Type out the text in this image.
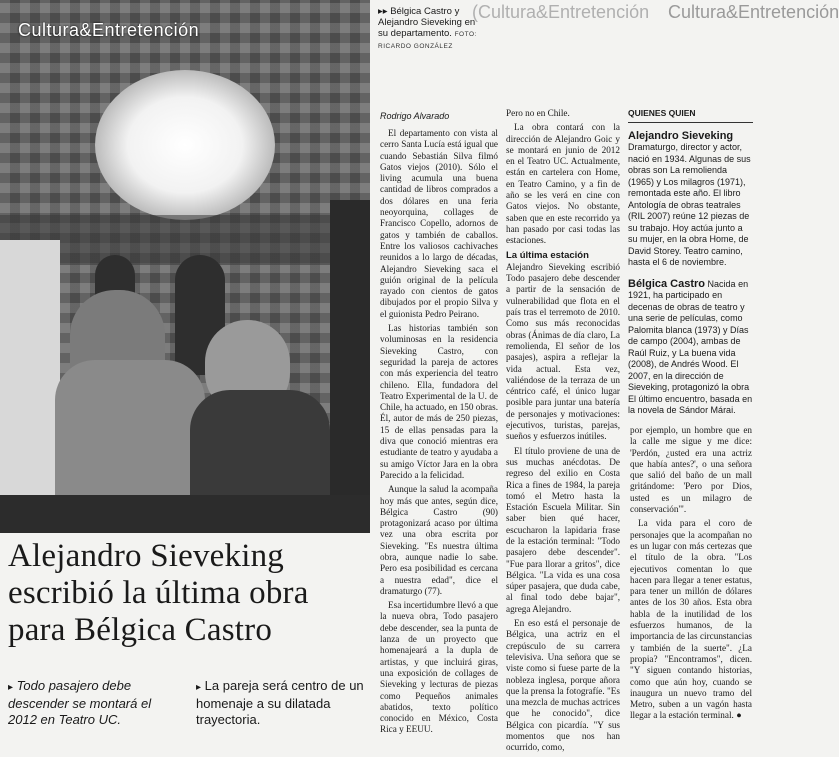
(Cultura&Entretención
Cultura&Entretención
Cultura&Entretención
▸▸ Bélgica Castro y Alejandro Sieveking en su departamento. FOTO: RICARDO GONZÁLEZ
Rodrigo Alvarado

El departamento con vista al cerro Santa Lucía está igual que cuando Sebastián Silva filmó Gatos viejos (2010). Sólo el living acumula una buena cantidad de libros comprados a dos dólares en una feria neoyorquina, collages de Francisco Copello, adornos de gatos y también de caballos. Entre los valiosos cachivaches reunidos a lo largo de décadas, Alejandro Sieveking saca el guión original de la película rayado con cientos de gatos dibujados por el propio Silva y el guionista Pedro Peirano.

Las historias también son voluminosas en la residencia Sieveking Castro, con seguridad la pareja de actores con más experiencia del teatro chileno. Ella, fundadora del Teatro Experimental de la U. de Chile, ha actuado, en 150 obras. Él, autor de más de 250 piezas, 15 de ellas pensadas para la diva que conoció mientras era estudiante de teatro y ayudaba a su amigo Víctor Jara en la obra Parecido a la felicidad.

Aunque la salud la acompaña hoy más que antes, según dice, Bélgica Castro (90) protagonizará acaso por última vez una obra escrita por Sieveking. "Es nuestra última obra, aunque nadie lo sabe. Pero esa posibilidad es cercana a nuestra edad", dice el dramaturgo (77).

Esa incertidumbre llevó a que la nueva obra, Todo pasajero debe descender, sea la punta de lanza de un proyecto que homenajeará a la dupla de artistas, y que incluirá giras, una exposición de collages de Sieveking y lecturas de piezas como Pequeños animales abatidos, texto político conocido en México, Costa Rica y EEUU.

Pero no en Chile.

La obra contará con la dirección de Alejandro Goic y se montará en junio de 2012 en el Teatro UC. Actualmente, están en cartelera con Home, en Teatro Camino, y a fin de año se les verá en cine con Gatos viejos. No obstante, saben que en este recorrido ya han pasado por casi todas las estaciones.

La última estación

Alejandro Sieveking escribió Todo pasajero debe descender a partir de la sensación de vulnerabilidad que flota en el país tras el terremoto de 2010. Como sus más reconocidas obras (Ánimas de día claro, La remolienda, El señor de los pasajes), aspira a reflejar la vida actual. Esta vez, valiéndose de la terraza de un céntrico café, el único lugar posible para juntar una batería de personajes y motivaciones: ejecutivos, turistas, parejas, sueños y esfuerzos inútiles.

El título proviene de una de sus muchas anécdotas. De regreso del exilio en Costa Rica a fines de 1984, la pareja tomó el Metro hasta la Estación Escuela Militar. Sin saber bien qué hacer, escucharon la lapidaria frase de la estación terminal: "Todo pasajero debe descender". "Fue para llorar a gritos", dice Bélgica. "La vida es una cosa súper pasajera, que duda cabe, al final todo debe bajar", agrega Alejandro.

En eso está el personaje de Bélgica, una actriz en el crepúsculo de su carrera televisiva. Una señora que se viste como si fuese parte de la nobleza inglesa, porque añora que la prensa la fotografíe. "Es una mezcla de muchas actrices que he conocido", dice Bélgica con picardía. "Y sus momentos que nos han ocurrido, como,

QUIENES QUIEN

Alejandro Sieveking
Dramaturgo, director y actor, nació en 1934. Algunas de sus obras son La remolienda (1965) y Los milagros (1971), remontada este año. El libro Antología de obras teatrales (RIL 2007) reúne 12 piezas de su trabajo. Hoy actúa junto a su mujer, en la obra Home, de David Storey. Teatro camino, hasta el 6 de noviembre.

Bélgica Castro Nacida en 1921, ha participado en decenas de obras de teatro y una serie de películas, como Palomita blanca (1973) y Días de campo (2004), ambas de Raúl Ruiz, y La buena vida (2008), de Andrés Wood. El 2007, en la dirección de Sieveking, protagonizó la obra El último encuentro, basada en la novela de Sándor Márai.

por ejemplo, un hombre que en la calle me sigue y me dice: 'Perdón, ¿usted era una actriz que había antes?', o una señora que salió del baño de un mall gritándome: 'Pero por Dios, usted es un milagro de conservación'".

La vida para el coro de personajes que la acompañan no es un lugar con más certezas que el título de la obra. "Los ejecutivos comentan lo que hacen para llegar a tener estatus, para tener un millón de dólares antes de los 30 años. Esta obra habla de la inutilidad de los esfuerzos humanos, de la importancia de las circunstancias y también de la suerte". ¿La propia? "Encontramos", dicen. "Y siguen contando historias, como que aún hoy, cuando se inaugura un nuevo tramo del Metro, suben a un vagón hasta llegar a la estación terminal. ●

Alejandro Sieveking escribió la última obra para Bélgica Castro
▸ Todo pasajero debe descender se montará el 2012 en Teatro UC.
▸ La pareja será centro de un homenaje a su dilatada trayectoria.
